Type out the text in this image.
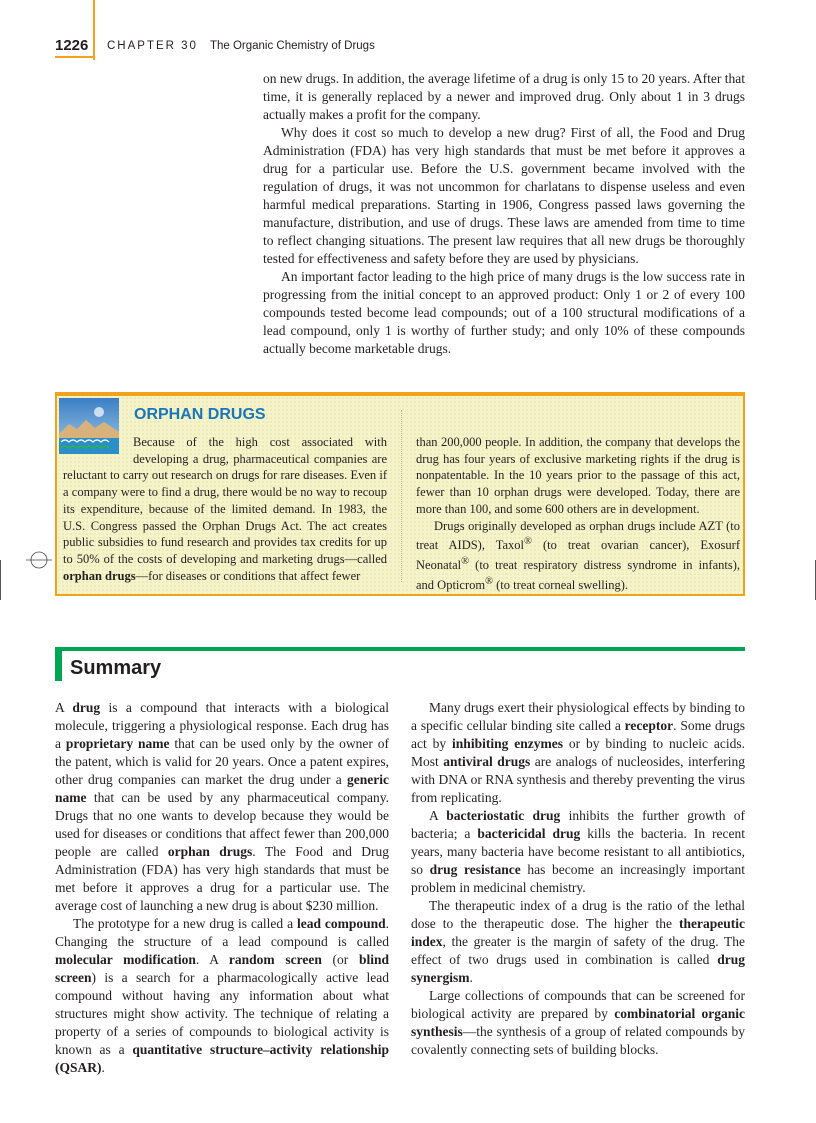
1226 CHAPTER 30 The Organic Chemistry of Drugs

on new drugs. In addition, the average lifetime of a drug is only 15 to 20 years. After that time, it is generally replaced by a newer and improved drug. Only about 1 in 3 drugs actually makes a profit for the company.

Why does it cost so much to develop a new drug? First of all, the Food and Drug Administration (FDA) has very high standards that must be met before it approves a drug for a particular use. Before the U.S. government became involved with the regulation of drugs, it was not uncommon for charlatans to dispense useless and even harmful medical preparations. Starting in 1906, Congress passed laws governing the manufacture, distribution, and use of drugs. These laws are amended from time to time to reflect changing situations. The present law requires that all new drugs be thoroughly tested for effectiveness and safety before they are used by physicians.

An important factor leading to the high price of many drugs is the low success rate in progressing from the initial concept to an approved product: Only 1 or 2 of every 100 compounds tested become lead compounds; out of a 100 structural modifications of a lead compound, only 1 is worthy of further study; and only 10% of these compounds actually become marketable drugs.

ORPHAN DRUGS

Because of the high cost associated with developing a drug, pharmaceutical companies are reluctant to carry out research on drugs for rare diseases. Even if a company were to find a drug, there would be no way to recoup its expenditure, because of the limited demand. In 1983, the U.S. Congress passed the Orphan Drugs Act. The act creates public subsidies to fund research and provides tax credits for up to 50% of the costs of developing and marketing drugs—called orphan drugs—for diseases or conditions that affect fewer

than 200,000 people. In addition, the company that develops the drug has four years of exclusive marketing rights if the drug is nonpatentable. In the 10 years prior to the passage of this act, fewer than 10 orphan drugs were developed. Today, there are more than 100, and some 600 others are in development.

Drugs originally developed as orphan drugs include AZT (to treat AIDS), Taxol® (to treat ovarian cancer), Exosurf Neonatal® (to treat respiratory distress syndrome in infants), and Opticrom® (to treat corneal swelling).

Summary

A drug is a compound that interacts with a biological molecule, triggering a physiological response. Each drug has a proprietary name that can be used only by the owner of the patent, which is valid for 20 years. Once a patent expires, other drug companies can market the drug under a generic name that can be used by any pharmaceutical company. Drugs that no one wants to develop because they would be used for diseases or conditions that affect fewer than 200,000 people are called orphan drugs. The Food and Drug Administration (FDA) has very high standards that must be met before it approves a drug for a particular use. The average cost of launching a new drug is about $230 million.

The prototype for a new drug is called a lead compound. Changing the structure of a lead compound is called molecular modification. A random screen (or blind screen) is a search for a pharmacologically active lead compound without having any information about what structures might show activity. The technique of relating a property of a series of compounds to biological activity is known as a quantitative structure–activity relationship (QSAR).

Many drugs exert their physiological effects by binding to a specific cellular binding site called a receptor. Some drugs act by inhibiting enzymes or by binding to nucleic acids. Most antiviral drugs are analogs of nucleosides, interfering with DNA or RNA synthesis and thereby preventing the virus from replicating.

A bacteriostatic drug inhibits the further growth of bacteria; a bactericidal drug kills the bacteria. In recent years, many bacteria have become resistant to all antibiotics, so drug resistance has become an increasingly important problem in medicinal chemistry.

The therapeutic index of a drug is the ratio of the lethal dose to the therapeutic dose. The higher the therapeutic index, the greater is the margin of safety of the drug. The effect of two drugs used in combination is called drug synergism.

Large collections of compounds that can be screened for biological activity are prepared by combinatorial organic synthesis—the synthesis of a group of related compounds by covalently connecting sets of building blocks.
